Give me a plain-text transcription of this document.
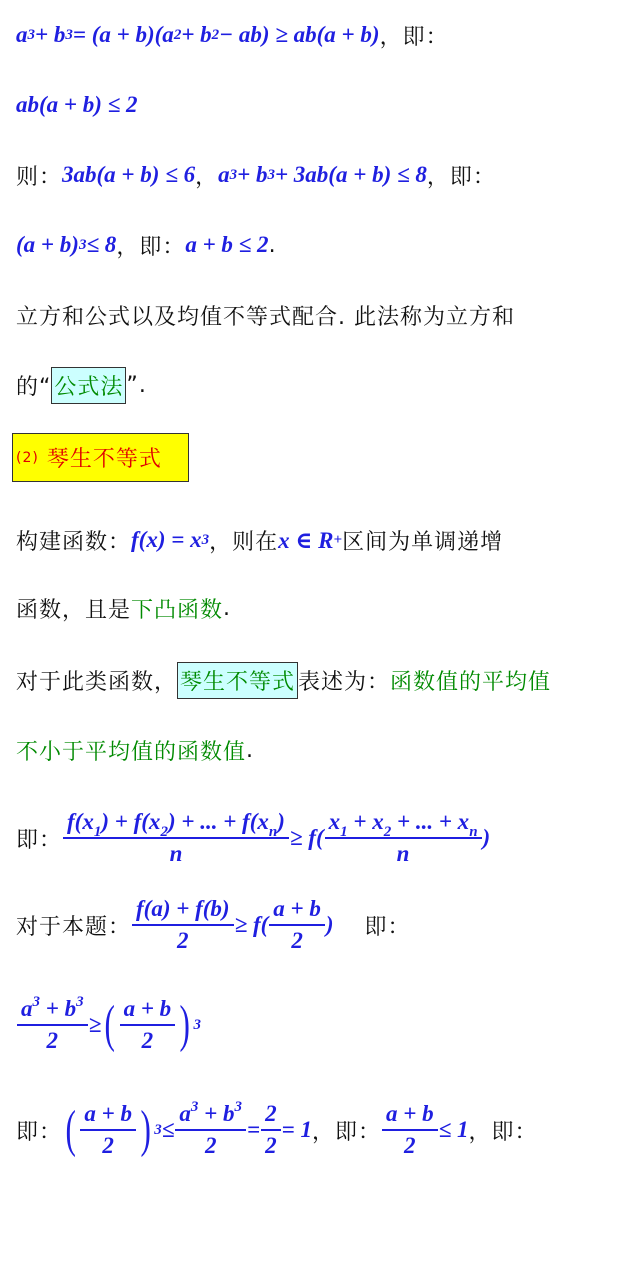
a 3 + b 3 = (a + b)(a 2 + b 2 − ab) ≥ ab(a + b) ，即：
ab(a + b) ≤ 2
则： 3ab(a + b) ≤ 6 ， a 3 + b 3 + 3ab(a + b) ≤ 8 ，即：
(a + b) 3 ≤ 8 ，即： a + b ≤ 2 .
立方和公式以及均值不等式配合. 此法称为立方和
的“ 公式法 ”.
构建函数： f(x) = x 3 ，则在 x ∈ R + 区间为单调递增
函数，且是 下凸函数 .
对于此类函数， 琴生不等式 表述为： 函数值的平均值
不小于平均值的函数值 .
即： $\frac{f(x_1) + f(x_2) + ... + f(x_n)}{n} \ge f( \frac{x_1 + x_2 + ... + x_n}{n}$ )
对于本题： $\frac{f(a) + f(b)}{2} \ge f( \frac{a + b}{2}$ ) 　 即：
$\frac{a^3 + b^3}{2}$ ≥ ( $\frac{a + b}{2}$ ) 3
即： ( $\frac{a + b}{2}$ ) $3 \le \frac{a^3 + b^3}{2} = \frac{2}{2} = 1$ ，即： $\frac{a + b}{2} \le 1$ ，即：
(2) 琴生不等式
